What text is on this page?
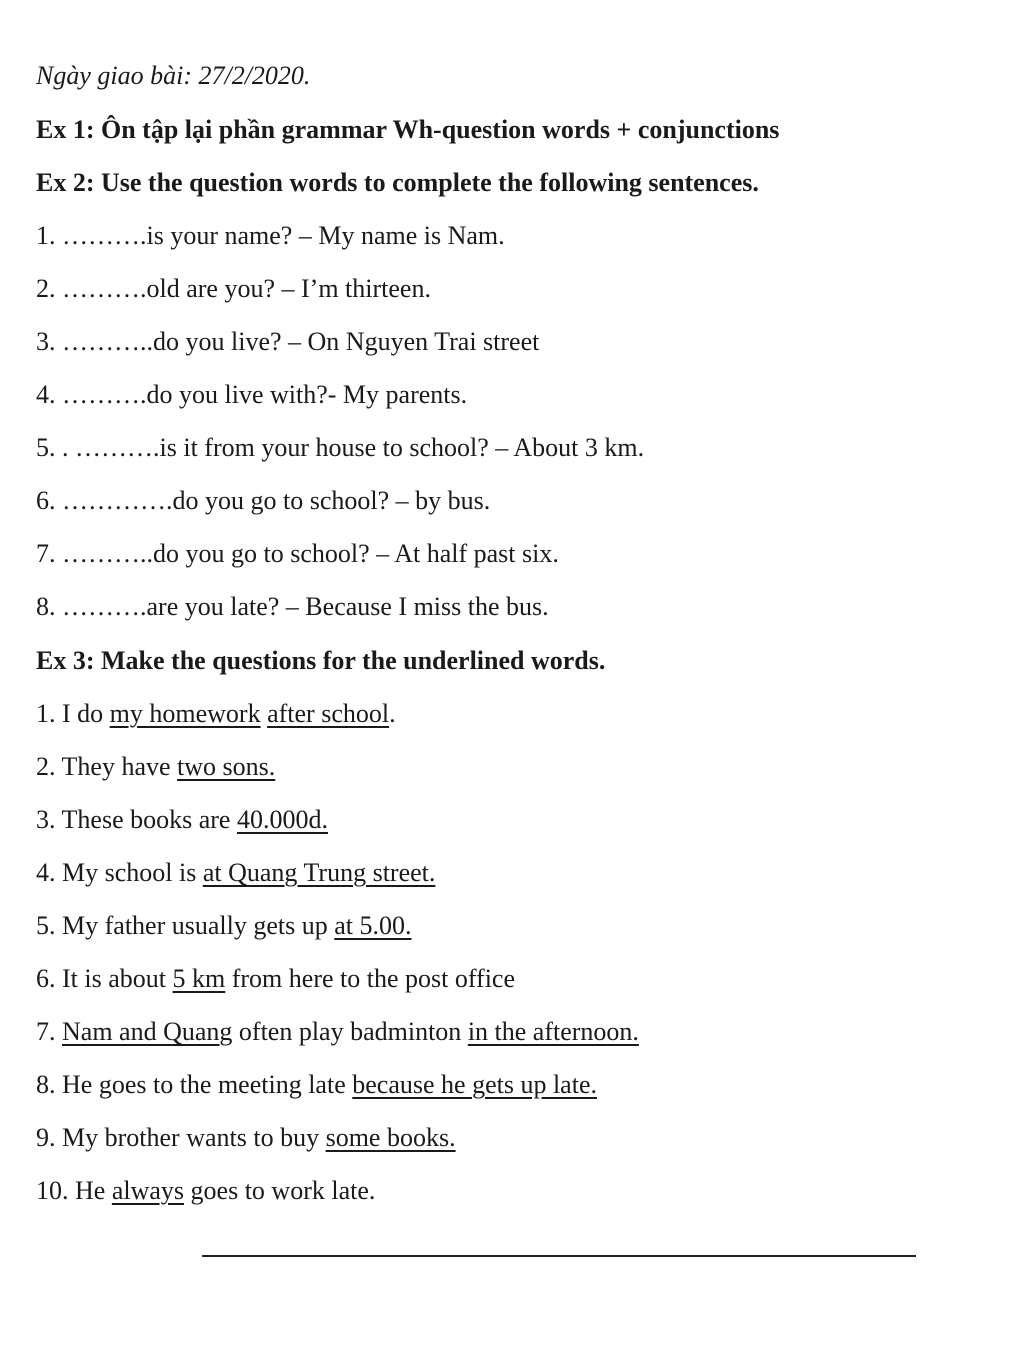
Ngày giao bài: 27/2/2020.
Ex 1: Ôn tập lại phần grammar Wh-question words + conjunctions
Ex 2: Use the question words to complete the following sentences.
1. ……….is your name? – My name is Nam.
2. ……….old are you? – I’m thirteen.
3. ………..do you live? – On Nguyen Trai street
4. ……….do you live with?- My parents.
5. . ……….is it from your house to school? – About 3 km.
6. ………….do you go to school? – by bus.
7. ………..do you go to school? – At half past six.
8. ……….are you late? – Because I miss the bus.
Ex 3: Make the questions for the underlined words.
1. I do my homework after school.
2. They have two sons.
3. These books are 40.000d.
4. My school is at Quang Trung street.
5. My father usually gets up at 5.00.
6. It is about 5 km from here to the post office
7. Nam and Quang often play badminton in the afternoon.
8. He goes to the meeting late because he gets up late.
9. My brother wants to buy some books.
10. He always goes to work late.
